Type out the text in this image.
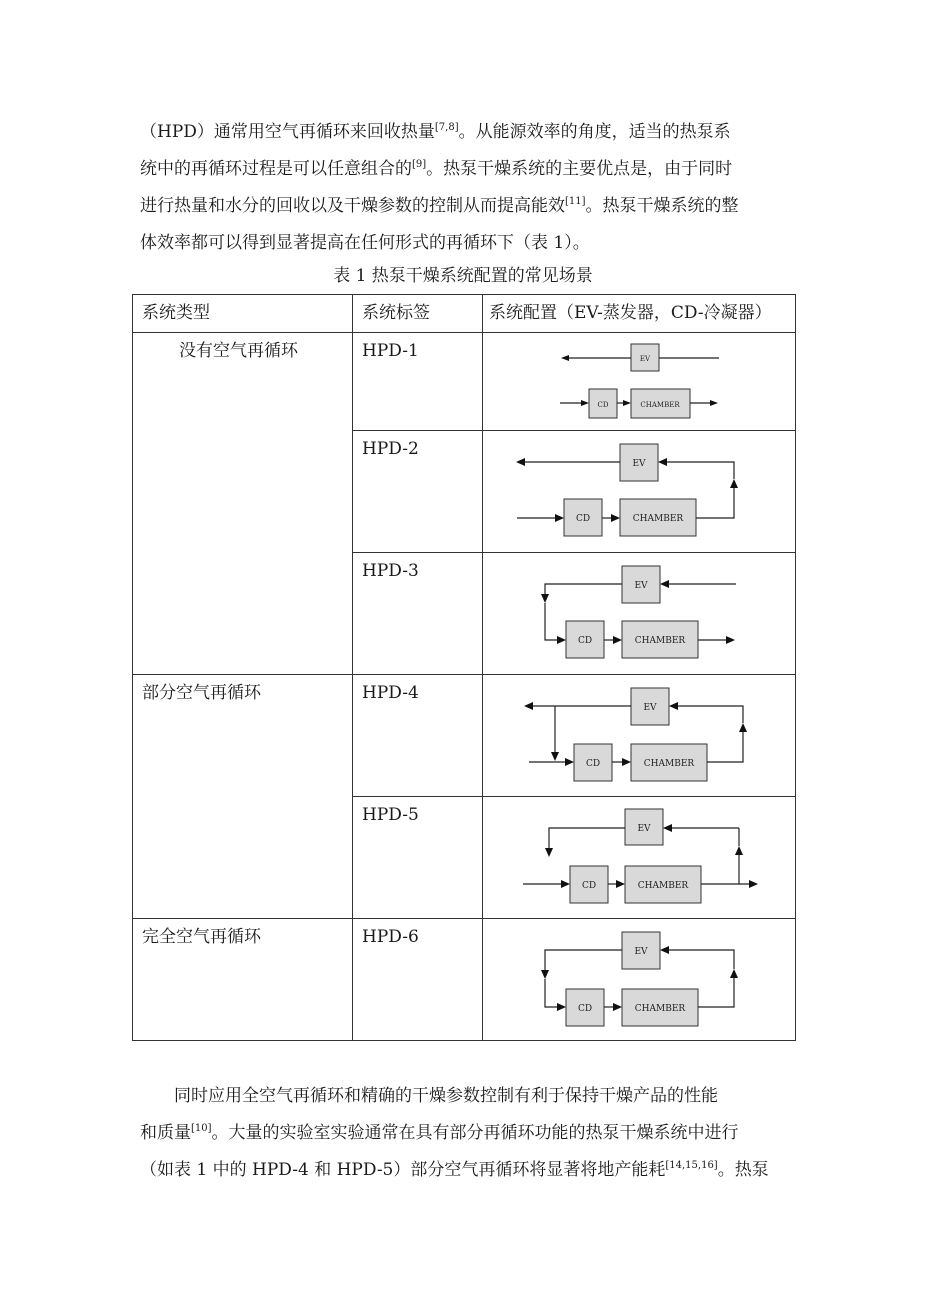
（HPD）通常用空气再循环来回收热量[7,8]。从能源效率的角度，适当的热泵系
统中的再循环过程是可以任意组合的[9]。热泵干燥系统的主要优点是，由于同时
进行热量和水分的回收以及干燥参数的控制从而提高能效[11]。热泵干燥系统的整
体效率都可以得到显著提高在任何形式的再循环下（表 1）。
表 1 热泵干燥系统配置的常见场景
系统类型	系统标签	系统配置（EV-蒸发器，CD-冷凝器）

没有空气再循环	HPD-1	EV
CD CHAMBER

	HPD-2	EV
CD CHAMBER

	HPD-3	EV
CD CHAMBER

部分空气再循环	HPD-4	EV
CD CHAMBER

	HPD-5	EV
CD CHAMBER

完全空气再循环	HPD-6	EV
CD CHAMBER
同时应用全空气再循环和精确的干燥参数控制有利于保持干燥产品的性能
和质量[10]。大量的实验室实验通常在具有部分再循环功能的热泵干燥系统中进行
（如表 1 中的 HPD-4 和 HPD-5）部分空气再循环将显著将地产能耗[14,15,16]。热泵
